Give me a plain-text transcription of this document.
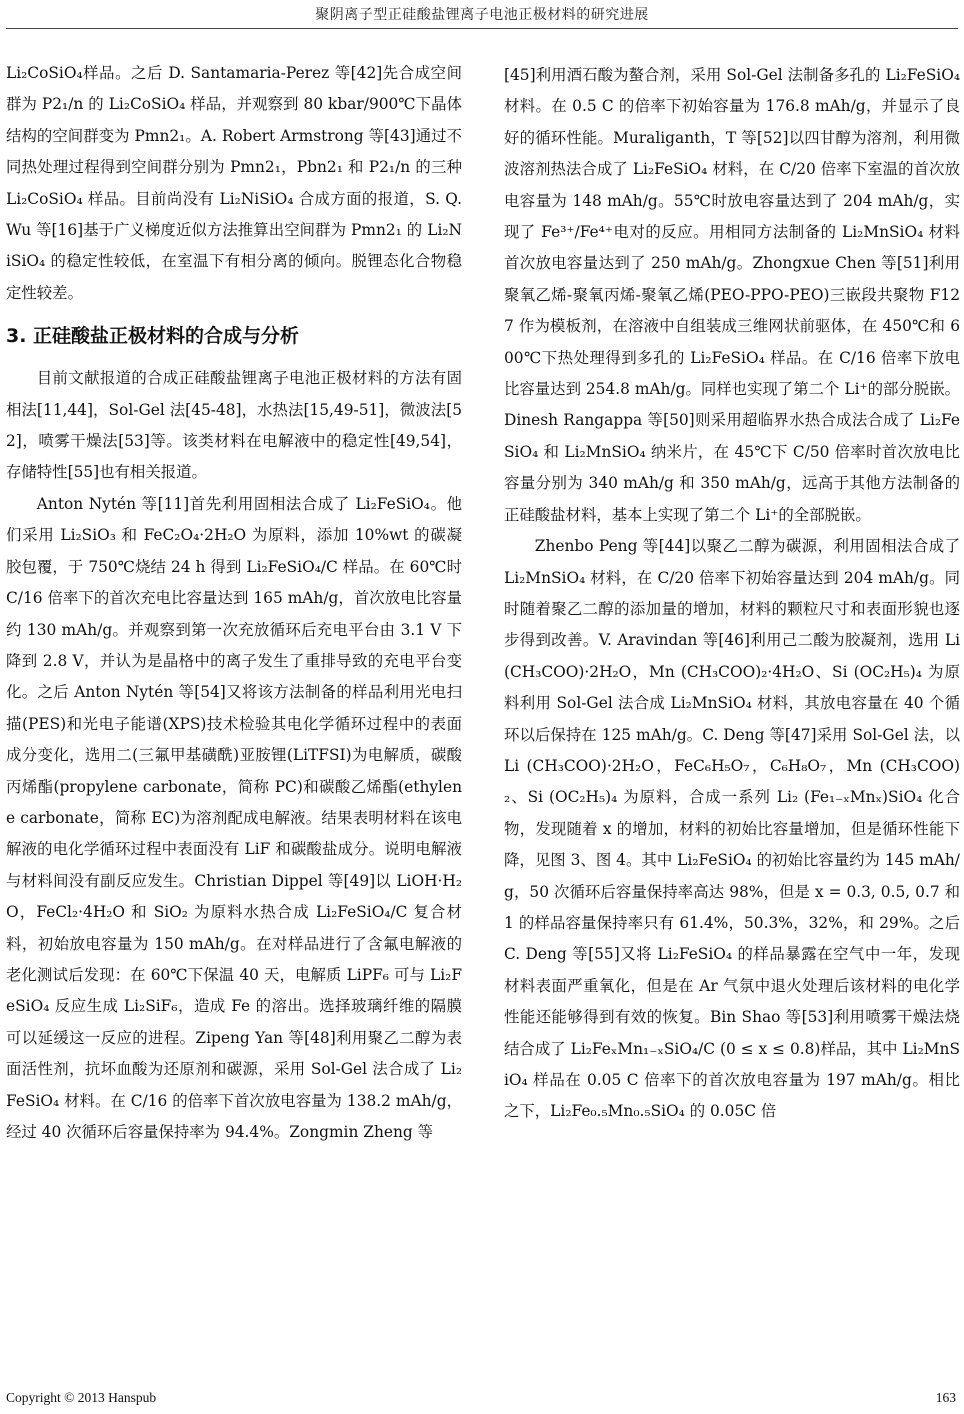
聚阴离子型正硅酸盐锂离子电池正极材料的研究进展

Li₂CoSiO₄样品。之后 D. Santamaria-Perez 等[42]先合成空间群为 P2₁/n 的 Li₂CoSiO₄ 样品，并观察到 80 kbar/900℃下晶体结构的空间群变为 Pmn2₁。A. Robert Armstrong 等[43]通过不同热处理过程得到空间群分别为 Pmn2₁，Pbn2₁ 和 P2₁/n 的三种 Li₂CoSiO₄ 样品。目前尚没有 Li₂NiSiO₄ 合成方面的报道，S. Q. Wu 等[16]基于广义梯度近似方法推算出空间群为 Pmn2₁ 的 Li₂NiSiO₄ 的稳定性较低，在室温下有相分离的倾向。脱锂态化合物稳定性较差。

3. 正硅酸盐正极材料的合成与分析

目前文献报道的合成正硅酸盐锂离子电池正极材料的方法有固相法[11,44]，Sol-Gel 法[45-48]，水热法[15,49-51]，微波法[52]，喷雾干燥法[53]等。该类材料在电解液中的稳定性[49,54]，存储特性[55]也有相关报道。

Anton Nytén 等[11]首先利用固相法合成了 Li₂FeSiO₄。他们采用 Li₂SiO₃ 和 FeC₂O₄·2H₂O 为原料，添加 10%wt 的碳凝胶包覆，于 750℃烧结 24 h 得到 Li₂FeSiO₄/C 样品。在 60℃时 C/16 倍率下的首次充电比容量达到 165 mAh/g，首次放电比容量约 130 mAh/g。并观察到第一次充放循环后充电平台由 3.1 V 下降到 2.8 V，并认为是晶格中的离子发生了重排导致的充电平台变化。之后 Anton Nytén 等[54]又将该方法制备的样品利用光电扫描(PES)和光电子能谱(XPS)技术检验其电化学循环过程中的表面成分变化，选用二(三氟甲基磺酰)亚胺锂(LiTFSI)为电解质，碳酸丙烯酯(propylene carbonate，简称 PC)和碳酸乙烯酯(ethylene carbonate，简称 EC)为溶剂配成电解液。结果表明材料在该电解液的电化学循环过程中表面没有 LiF 和碳酸盐成分。说明电解液与材料间没有副反应发生。Christian Dippel 等[49]以 LiOH·H₂O，FeCl₂·4H₂O 和 SiO₂ 为原料水热合成 Li₂FeSiO₄/C 复合材料，初始放电容量为 150 mAh/g。在对样品进行了含氟电解液的老化测试后发现：在 60℃下保温 40 天，电解质 LiPF₆ 可与 Li₂FeSiO₄ 反应生成 Li₂SiF₆，造成 Fe 的溶出。选择玻璃纤维的隔膜可以延缓这一反应的进程。Zipeng Yan 等[48]利用聚乙二醇为表面活性剂，抗坏血酸为还原剂和碳源，采用 Sol-Gel 法合成了 Li₂FeSiO₄ 材料。在 C/16 的倍率下首次放电容量为 138.2 mAh/g，经过 40 次循环后容量保持率为 94.4%。Zongmin Zheng 等

[45]利用酒石酸为螯合剂，采用 Sol-Gel 法制备多孔的 Li₂FeSiO₄ 材料。在 0.5 C 的倍率下初始容量为 176.8 mAh/g，并显示了良好的循环性能。Muraliganth，T 等[52]以四甘醇为溶剂，利用微波溶剂热法合成了 Li₂FeSiO₄ 材料，在 C/20 倍率下室温的首次放电容量为 148 mAh/g。55℃时放电容量达到了 204 mAh/g，实现了 Fe³⁺/Fe⁴⁺电对的反应。用相同方法制备的 Li₂MnSiO₄ 材料首次放电容量达到了 250 mAh/g。Zhongxue Chen 等[51]利用聚氧乙烯-聚氧丙烯-聚氧乙烯(PEO-PPO-PEO)三嵌段共聚物 F127 作为模板剂，在溶液中自组装成三维网状前驱体，在 450℃和 600℃下热处理得到多孔的 Li₂FeSiO₄ 样品。在 C/16 倍率下放电比容量达到 254.8 mAh/g。同样也实现了第二个 Li⁺的部分脱嵌。Dinesh Rangappa 等[50]则采用超临界水热合成法合成了 Li₂FeSiO₄ 和 Li₂MnSiO₄ 纳米片，在 45℃下 C/50 倍率时首次放电比容量分别为 340 mAh/g 和 350 mAh/g，远高于其他方法制备的正硅酸盐材料，基本上实现了第二个 Li⁺的全部脱嵌。

Zhenbo Peng 等[44]以聚乙二醇为碳源，利用固相法合成了 Li₂MnSiO₄ 材料，在 C/20 倍率下初始容量达到 204 mAh/g。同时随着聚乙二醇的添加量的增加，材料的颗粒尺寸和表面形貌也逐步得到改善。V. Aravindan 等[46]利用己二酸为胶凝剂，选用 Li (CH₃COO)·2H₂O，Mn (CH₃COO)₂·4H₂O、Si (OC₂H₅)₄ 为原料利用 Sol-Gel 法合成 Li₂MnSiO₄ 材料，其放电容量在 40 个循环以后保持在 125 mAh/g。C. Deng 等[47]采用 Sol-Gel 法，以 Li (CH₃COO)·2H₂O，FeC₆H₅O₇，C₆H₈O₇，Mn (CH₃COO)₂、Si (OC₂H₅)₄ 为原料，合成一系列 Li₂ (Fe₁₋ₓMnₓ)SiO₄ 化合物，发现随着 x 的增加，材料的初始比容量增加，但是循环性能下降，见图 3、图 4。其中 Li₂FeSiO₄ 的初始比容量约为 145 mAh/g，50 次循环后容量保持率高达 98%，但是 x = 0.3, 0.5, 0.7 和 1 的样品容量保持率只有 61.4%，50.3%，32%，和 29%。之后 C. Deng 等[55]又将 Li₂FeSiO₄ 的样品暴露在空气中一年，发现材料表面严重氧化，但是在 Ar 气氛中退火处理后该材料的电化学性能还能够得到有效的恢复。Bin Shao 等[53]利用喷雾干燥法烧结合成了 Li₂FeₓMn₁₋ₓSiO₄/C (0 ≤ x ≤ 0.8)样品，其中 Li₂MnSiO₄ 样品在 0.05 C 倍率下的首次放电容量为 197 mAh/g。相比之下，Li₂Fe₀.₅Mn₀.₅SiO₄ 的 0.05C 倍

Copyright © 2013 Hanspub	163
